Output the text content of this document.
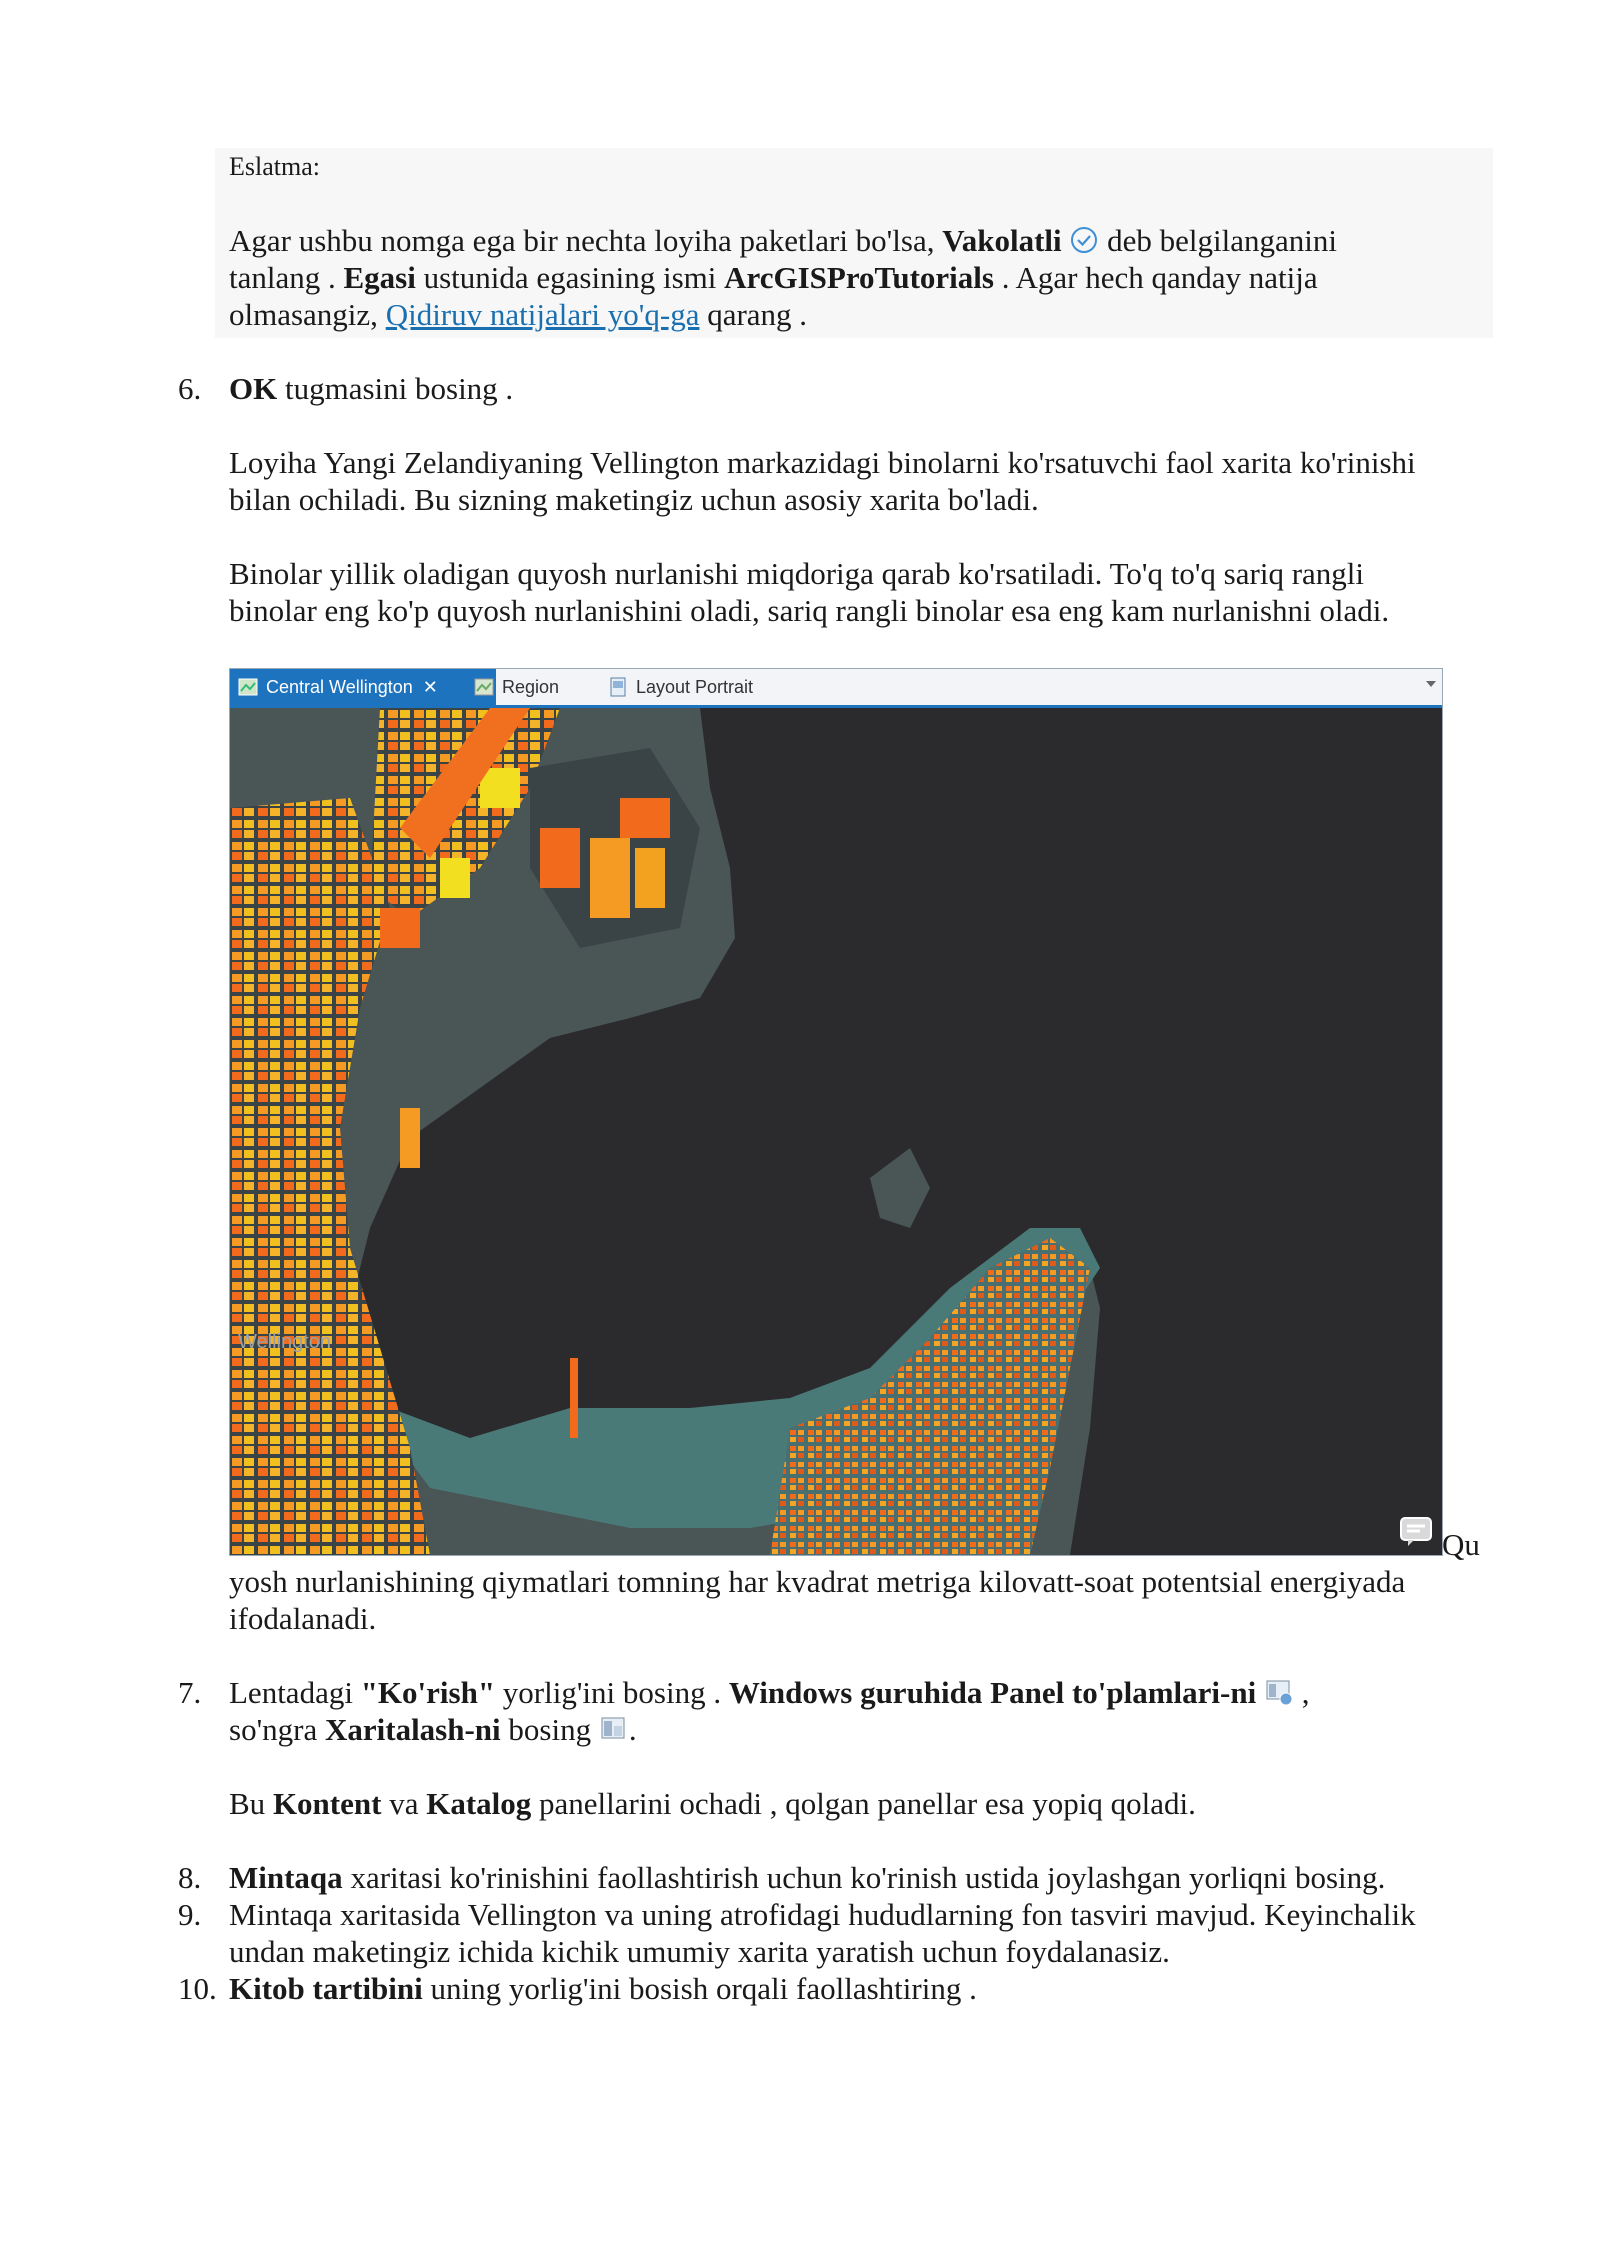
Eslatma:
Agar ushbu nomga ega bir nechta loyiha paketlari bo'lsa, Vakolatli  deb belgilanganini
tanlang . Egasi ustunida egasining ismi ArcGISProTutorials . Agar hech qanday natija
olmasangiz, Qidiruv natijalari yo'q-ga qarang .
6. OK tugmasini bosing .
Loyiha Yangi Zelandiyaning Vellington markazidagi binolarni ko'rsatuvchi faol xarita ko'rinishi
bilan ochiladi. Bu sizning maketingiz uchun asosiy xarita bo'ladi.
Binolar yillik oladigan quyosh nurlanishi miqdoriga qarab ko'rsatiladi. To'q to'q sariq rangli
binolar eng ko'p quyosh nurlanishini oladi, sariq rangli binolar esa eng kam nurlanishni oladi.
Central Wellington ✕	Region	Layout Portrait
Wellington
Qu
yosh nurlanishining qiymatlari tomning har kvadrat metriga kilovatt-soat potentsial energiyada
ifodalanadi.
7. Lentadagi "Ko'rish" yorlig'ini bosing . Windows guruhida Panel to'plamlari-ni  ,
so'ngra Xaritalash-ni bosing .
Bu Kontent va Katalog panellarini ochadi , qolgan panellar esa yopiq qoladi.
8. Mintaqa xaritasi ko'rinishini faollashtirish uchun ko'rinish ustida joylashgan yorliqni bosing.
9. Mintaqa xaritasida Vellington va uning atrofidagi hududlarning fon tasviri mavjud. Keyinchalik
undan maketingiz ichida kichik umumiy xarita yaratish uchun foydalanasiz.
10. Kitob tartibini uning yorlig'ini bosish orqali faollashtiring .
